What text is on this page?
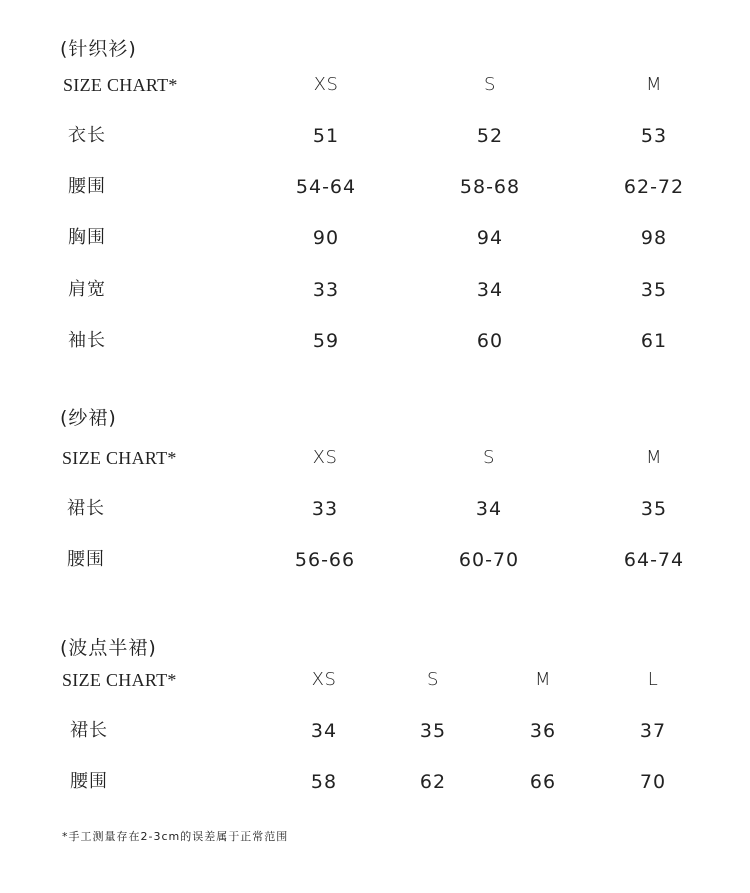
(针织衫)
SIZE CHART*	XS	S	M
衣长	51	52	53
腰围	54-64	58-68	62-72
胸围	90	94	98
肩宽	33	34	35
袖长	59	60	61
(纱裙)
SIZE CHART*	XS	S	M
裙长	33	34	35
腰围	56-66	60-70	64-74
(波点半裙)
SIZE CHART*	XS	S	M	L
裙长	34	35	36	37
腰围	58	62	66	70
*手工测量存在2-3cm的误差属于正常范围
